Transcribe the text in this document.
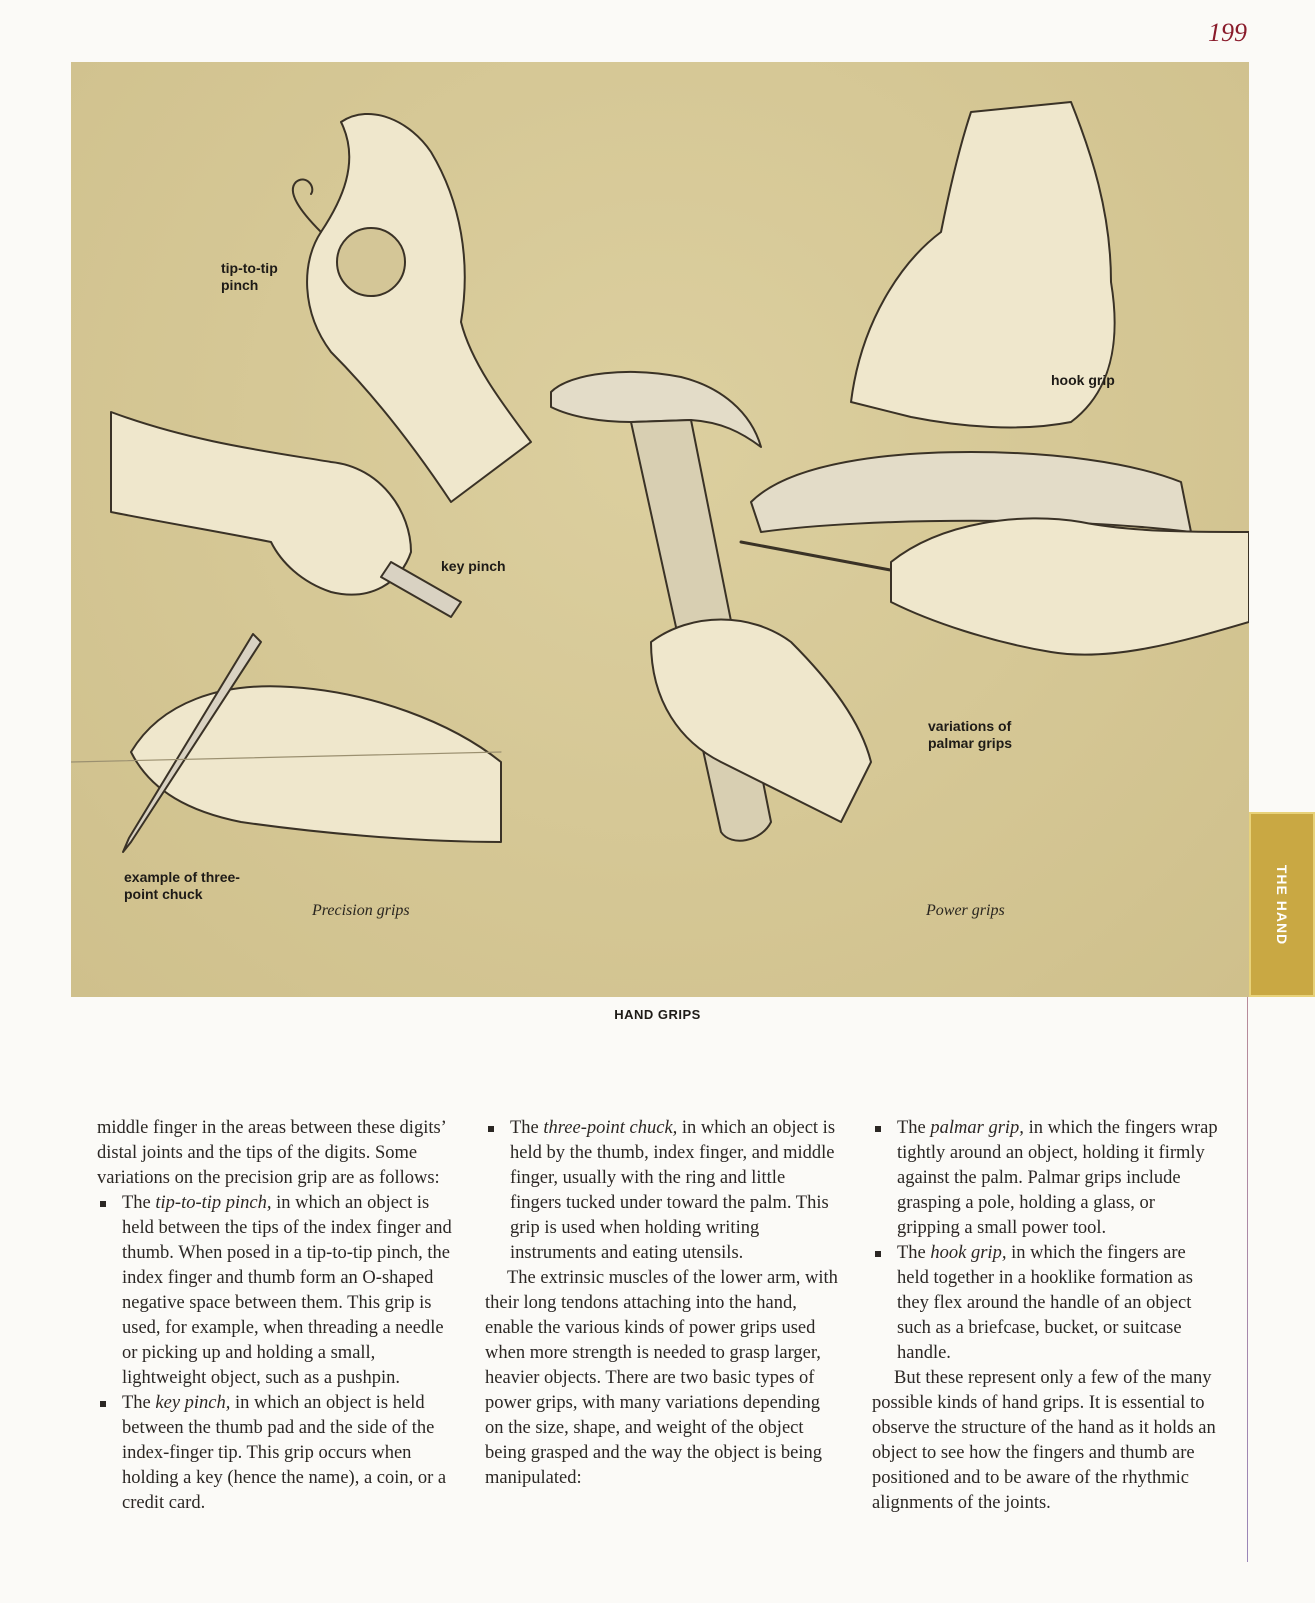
199
tip-to-tip
pinch
key pinch
example of three-
point chuck
hook grip
variations of
palmar grips
Precision grips	Power grips
HAND GRIPS
THE HAND

middle finger in the areas between these digits’ distal joints and the tips of the digits. Some variations on the precision grip are as follows:

The tip-to-tip pinch, in which an object is held between the tips of the index finger and thumb. When posed in a tip-to-tip pinch, the index finger and thumb form an O-shaped negative space between them. This grip is used, for example, when threading a needle or picking up and holding a small, lightweight object, such as a pushpin.
The key pinch, in which an object is held between the thumb pad and the side of the index-finger tip. This grip occurs when holding a key (hence the name), a coin, or a credit card.
The three-point chuck, in which an object is held by the thumb, index finger, and middle finger, usually with the ring and little fingers tucked under toward the palm. This grip is used when holding writing instruments and eating utensils.

The extrinsic muscles of the lower arm, with their long tendons attaching into the hand, enable the various kinds of power grips used when more strength is needed to grasp larger, heavier objects. There are two basic types of power grips, with many variations depending on the size, shape, and weight of the object being grasped and the way the object is being manipulated:

The palmar grip, in which the fingers wrap tightly around an object, holding it firmly against the palm. Palmar grips include grasping a pole, holding a glass, or gripping a small power tool.
The hook grip, in which the fingers are held together in a hooklike formation as they flex around the handle of an object such as a briefcase, bucket, or suitcase handle.

But these represent only a few of the many possible kinds of hand grips. It is essential to observe the structure of the hand as it holds an object to see how the fingers and thumb are positioned and to be aware of the rhythmic alignments of the joints.
